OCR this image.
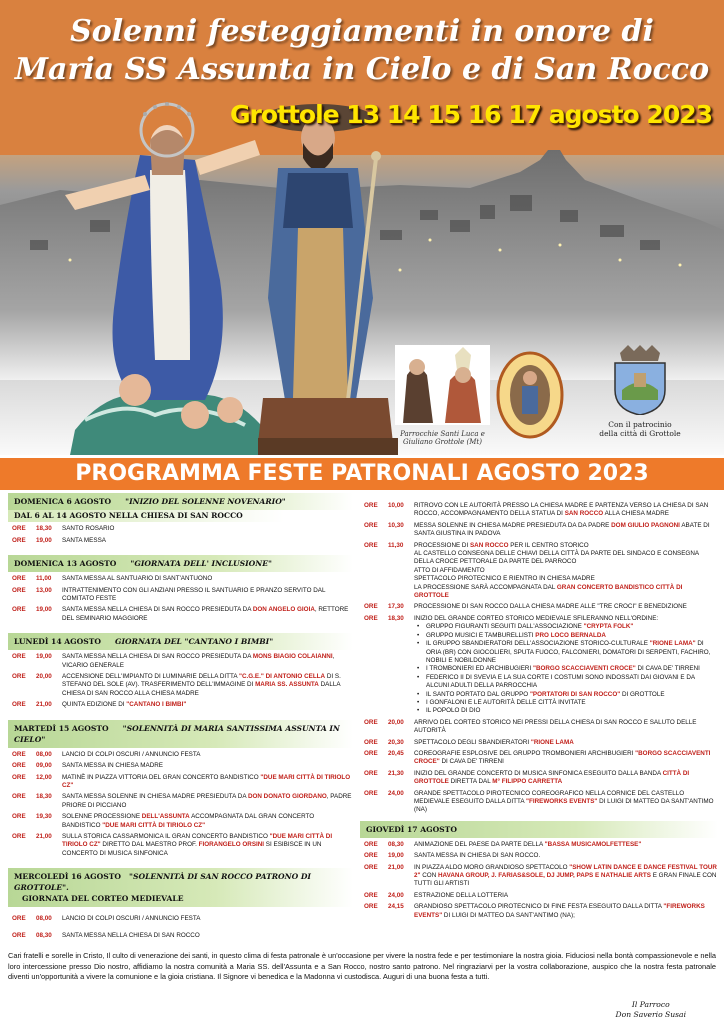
Solenni festeggiamenti in onore di
Maria SS Assunta in Cielo e di San Rocco
Grottole 13 14 15 16 17 agosto 2023
Parrocchie Santi Luca e Giuliano Grottole (Mt)
Con il patrocinio
della città di Grottole
PROGRAMMA FESTE PATRONALI AGOSTO 2023
DOMENICA 6 AGOSTO "INIZIO DEL SOLENNE NOVENARIO"
DAL 6 AL 14 AGOSTO NELLA CHIESA DI SAN ROCCO
ORE	18,30	SANTO ROSARIO
ORE	19,00	SANTA MESSA
DOMENICA 13 AGOSTO "GIORNATA DELL' INCLUSIONE"
ORE	11,00	SANTA MESSA AL SANTUARIO DI SANT'ANTUONO
ORE	13,00	INTRATTENIMENTO CON GLI ANZIANI PRESSO IL SANTUARIO E PRANZO SERVITO DAL COMITATO FESTE
ORE	19,00	SANTA MESSA NELLA CHIESA DI SAN ROCCO PRESIEDUTA DA DON ANGELO GIOIA, RETTORE DEL SEMINARIO MAGGIORE
LUNEDÌ 14 AGOSTO GIORNATA DEL "CANTANO I BIMBI"
ORE	19,00	SANTA MESSA NELLA CHIESA DI SAN ROCCO PRESIEDUTA DA MONS BIAGIO COLAIANNI, VICARIO GENERALE
ORE	20,00	ACCENSIONE DELL'IMPIANTO DI LUMINARIE DELLA DITTA "C.G.E." DI ANTONIO CELLA DI S. STEFANO DEL SOLE (AV). TRASFERIMENTO DELL'IMMAGINE DI MARIA SS. ASSUNTA DALLA CHIESA DI SAN ROCCO ALLA CHIESA MADRE
ORE	21,00	QUINTA EDIZIONE DI "CANTANO I BIMBI"
MARTEDÌ 15 AGOSTO "SOLENNITÀ DI MARIA SANTISSIMA ASSUNTA IN CIELO"
ORE	08,00	LANCIO DI COLPI OSCURI / ANNUNCIO FESTA
ORE	09,00	SANTA MESSA IN CHIESA MADRE
ORE	12,00	MATINÈ IN PIAZZA VITTORIA DEL GRAN CONCERTO BANDISTICO "DUE MARI CITTÀ DI TIRIOLO CZ"
ORE	18,30	SANTA MESSA SOLENNE IN CHIESA MADRE PRESIEDUTA DA DON DONATO GIORDANO, PADRE PRIORE DI PICCIANO
ORE	19,30	SOLENNE PROCESSIONE DELL'ASSUNTA ACCOMPAGNATA DAL GRAN CONCERTO BANDISTICO "DUE MARI CITTÀ DI TIRIOLO CZ"
ORE	21,00	SULLA STORICA CASSARMONICA IL GRAN CONCERTO BANDISTICO "DUE MARI CITTÀ DI TIRIOLO CZ" DIRETTO DAL MAESTRO PROF. FIORANGELO ORSINI SI ESIBISCE IN UN CONCERTO DI MUSICA SINFONICA
MERCOLEDÌ 16 AGOSTO "SOLENNITÀ DI SAN ROCCO PATRONO DI GROTTOLE".
GIORNATA DEL CORTEO MEDIEVALE
ORE	08,00	LANCIO DI COLPI OSCURI / ANNUNCIO FESTA
ORE	08,30	SANTA MESSA NELLA CHIESA DI SAN ROCCO
ORE	10,00	RITROVO CON LE AUTORITÀ PRESSO LA CHIESA MADRE E PARTENZA VERSO LA CHIESA DI SAN ROCCO, ACCOMPAGNAMENTO DELLA STATUA DI SAN ROCCO ALLA CHIESA MADRE
ORE	10,30	MESSA SOLENNE IN CHIESA MADRE PRESIEDUTA DA DA PADRE DOM GIULIO PAGNONI ABATE DI SANTA GIUSTINA IN PADOVA
ORE	11,30	PROCESSIONE DI SAN ROCCO PER IL CENTRO STORICO
AL CASTELLO CONSEGNA DELLE CHIAVI DELLA CITTÀ DA PARTE DEL SINDACO E CONSEGNA DELLA CROCE PETTORALE DA PARTE DEL PARROCO
ATTO DI AFFIDAMENTO
SPETTACOLO PIROTECNICO E RIENTRO IN CHIESA MADRE
LA PROCESSIONE SARÀ ACCOMPAGNATA DAL GRAN CONCERTO BANDISTICO CITTÀ DI GROTTOLE
ORE	17,30	PROCESSIONE DI SAN ROCCO DALLA CHIESA MADRE ALLE "TRE CROCI" E BENEDIZIONE
ORE	18,30	INIZIO DEL GRANDE CORTEO STORICO MEDIEVALE SFILERANNO NELL'ORDINE:
• GRUPPO FIGURANTI SEGUITI DALL'ASSOCIAZIONE "CRYPTA FOLK"
• GRUPPO MUSICI E TAMBURELLISTI PRO LOCO BERNALDA
• IL GRUPPO SBANDIERATORI DELL'ASSOCIAZIONE STORICO-CULTURALE "RIONE LAMA" DI ORIA (BR) CON GIOCOLIERI, SPUTA FUOCO, FALCONIERI, DOMATORI DI SERPENTI, FACHIRO, NOBILI E NOBILDONNE
• I TROMBONIERI ED ARCHIBUGIERI "BORGO SCACCIAVENTI CROCE" DI CAVA DE' TIRRENI
• FEDERICO II DI SVEVIA E LA SUA CORTE I COSTUMI SONO INDOSSATI DAI GIOVANI E DA ALCUNI ADULTI DELLA PARROCCHIA
• IL SANTO PORTATO DAL GRUPPO "PORTATORI DI SAN ROCCO" DI GROTTOLE
• I GONFALONI E LE AUTORITÀ DELLE CITTÀ INVITATE
• IL POPOLO DI DIO
ORE	20,00	ARRIVO DEL CORTEO STORICO NEI PRESSI DELLA CHIESA DI SAN ROCCO E SALUTO DELLE AUTORITÀ
ORE	20,30	SPETTACOLO DEGLI SBANDIERATORI "RIONE LAMA
ORE	20,45	COREOGRAFIE ESPLOSIVE DEL GRUPPO TROMBONIERI ARCHIBUGIERI "BORGO SCACCIAVENTI CROCE" DI CAVA DE' TIRRENI
ORE	21,30	INIZIO DEL GRANDE CONCERTO DI MUSICA SINFONICA ESEGUITO DALLA BANDA CITTÀ DI GROTTOLE DIRETTA DAL M° FILIPPO CARRETTA
ORE	24,00	GRANDE SPETTACOLO PIROTECNICO COREOGRAFICO NELLA CORNICE DEL CASTELLO MEDIEVALE ESEGUITO DALLA DITTA "FIREWORKS EVENTS" DI LUIGI DI MATTEO DA SANT'ANTIMO (NA)
GIOVEDÌ 17 AGOSTO
ORE	08,30	ANIMAZIONE DEL PAESE DA PARTE DELLA "BASSA MUSICAMOLFETTESE"
ORE	19,00	SANTA MESSA IN CHIESA DI SAN ROCCO.
ORE	21,00	IN PIAZZA ALDO MORO GRANDIOSO SPETTACOLO "SHOW LATIN DANCE E DANCE FESTIVAL TOUR 2" CON HAVANA GROUP, J. FARIAS&SOLE, DJ JUMP, PAPS E NATHALIE ARTS E GRAN FINALE CON TUTTI GLI ARTISTI
ORE	24,00	ESTRAZIONE DELLA LOTTERIA
ORE	24,15	GRANDIOSO SPETTACOLO PIROTECNICO DI FINE FESTA ESEGUITO DALLA DITTA "FIREWORKS EVENTS" DI LUIGI DI MATTEO DA SANT'ANTIMO (NA);
Cari fratelli e sorelle in Cristo, Il culto di venerazione dei santi, in questo clima di festa patronale è un'occasione per vivere la nostra fede e per testimoniare la nostra gioia. Fiduciosi nella bontà compassionevole e nella loro intercessione presso Dio nostro, affidiamo la nostra comunità a Maria SS. dell'Assunta e a San Rocco, nostro santo patrono. Nel ringraziarvi per la vostra collaborazione, auspico che la nostra festa patronale diventi un'opportunità a vivere la comunione e la gioia cristiana. Il Signore vi benedica e la Madonna vi custodisca. Auguri di una buona festa a tutti.
Il Parroco
Don Saverio Susai
